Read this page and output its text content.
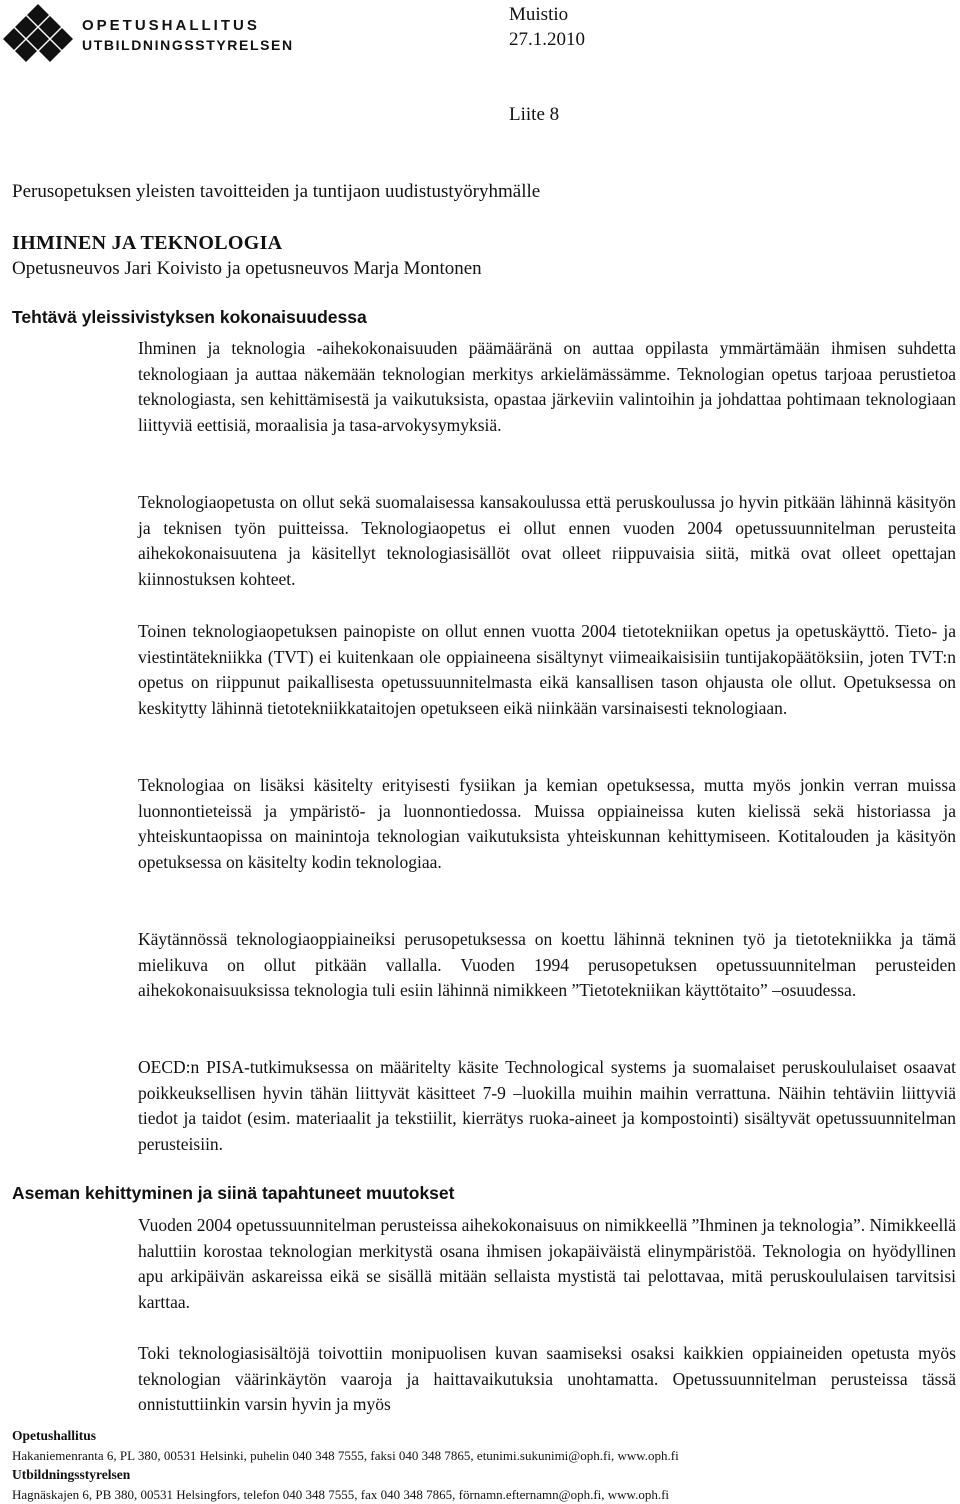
OPETUSHALLITUS
UTBILDNINGSSTYRELSEN
Muistio
27.1.2010
Liite 8
Perusopetuksen yleisten tavoitteiden ja tuntijaon uudistustyöryhmälle
IHMINEN JA TEKNOLOGIA
Opetusneuvos Jari Koivisto ja opetusneuvos Marja Montonen
Tehtävä yleissivistyksen kokonaisuudessa

Ihminen ja teknologia -aihekokonaisuuden päämääränä on auttaa oppilasta ymmärtämään ihmisen suhdetta teknologiaan ja auttaa näkemään teknologian merkitys arkielämässämme. Teknologian opetus tarjoaa perustietoa teknologiasta, sen kehittämisestä ja vaikutuksista, opastaa järkeviin valintoihin ja johdattaa pohtimaan teknologiaan liittyviä eettisiä, moraalisia ja tasa-arvokysymyksiä.

Teknologiaopetusta on ollut sekä suomalaisessa kansakoulussa että peruskoulussa jo hyvin pitkään lähinnä käsityön ja teknisen työn puitteissa. Teknologiaopetus ei ollut ennen vuoden 2004 opetussuunnitelman perusteita aihekokonaisuutena ja käsitellyt teknologiasisällöt ovat olleet riippuvaisia siitä, mitkä ovat olleet opettajan kiinnostuksen kohteet.

Toinen teknologiaopetuksen painopiste on ollut ennen vuotta 2004 tietotekniikan opetus ja opetuskäyttö. Tieto- ja viestintätekniikka (TVT) ei kuitenkaan ole oppiaineena sisältynyt viimeaikaisisiin tuntijakopäätöksiin, joten TVT:n opetus on riippunut paikallisesta opetussuunnitelmasta eikä kansallisen tason ohjausta ole ollut. Opetuksessa on keskitytty lähinnä tietotekniikkataitojen opetukseen eikä niinkään varsinaisesti teknologiaan.

Teknologiaa on lisäksi käsitelty erityisesti fysiikan ja kemian opetuksessa, mutta myös jonkin verran muissa luonnontieteissä ja ympäristö- ja luonnontiedossa. Muissa oppiaineissa kuten kielissä sekä historiassa ja yhteiskuntaopissa on mainintoja teknologian vaikutuksista yhteiskunnan kehittymiseen. Kotitalouden ja käsityön opetuksessa on käsitelty kodin teknologiaa.

Käytännössä teknologiaoppiaineiksi perusopetuksessa on koettu lähinnä tekninen työ ja tietotekniikka ja tämä mielikuva on ollut pitkään vallalla. Vuoden 1994 perusopetuksen opetussuunnitelman perusteiden aihekokonaisuuksissa teknologia tuli esiin lähinnä nimikkeen ”Tietotekniikan käyttötaito” –osuudessa.

OECD:n PISA-tutkimuksessa on määritelty käsite Technological systems ja suomalaiset peruskoululaiset osaavat poikkeuksellisen hyvin tähän liittyvät käsitteet 7-9 –luokilla muihin maihin verrattuna. Näihin tehtäviin liittyviä tiedot ja taidot (esim. materiaalit ja tekstiilit, kierrätys ruoka-aineet ja kompostointi) sisältyvät opetussuunnitelman perusteisiin.

Aseman kehittyminen ja siinä tapahtuneet muutokset

Vuoden 2004 opetussuunnitelman perusteissa aihekokonaisuus on nimikkeellä ”Ihminen ja teknologia”. Nimikkeellä haluttiin korostaa teknologian merkitystä osana ihmisen jokapäiväistä elinympäristöä. Teknologia on hyödyllinen apu arkipäivän askareissa eikä se sisällä mitään sellaista mystistä tai pelottavaa, mitä peruskoululaisen tarvitsisi karttaa.

Toki teknologiasisältöjä toivottiin monipuolisen kuvan saamiseksi osaksi kaikkien oppiaineiden opetusta myös teknologian väärinkäytön vaaroja ja haittavaikutuksia unohtamatta. Opetussuunnitelman perusteissa tässä onnistuttiinkin varsin hyvin ja myös

Opetushallitus
Hakaniemenranta 6, PL 380, 00531 Helsinki, puhelin 040 348 7555, faksi 040 348 7865, etunimi.sukunimi@oph.fi, www.oph.fi
Utbildningsstyrelsen
Hagnäskajen 6, PB 380, 00531 Helsingfors, telefon 040 348 7555, fax 040 348 7865, förnamn.efternamn@oph.fi, www.oph.fi
